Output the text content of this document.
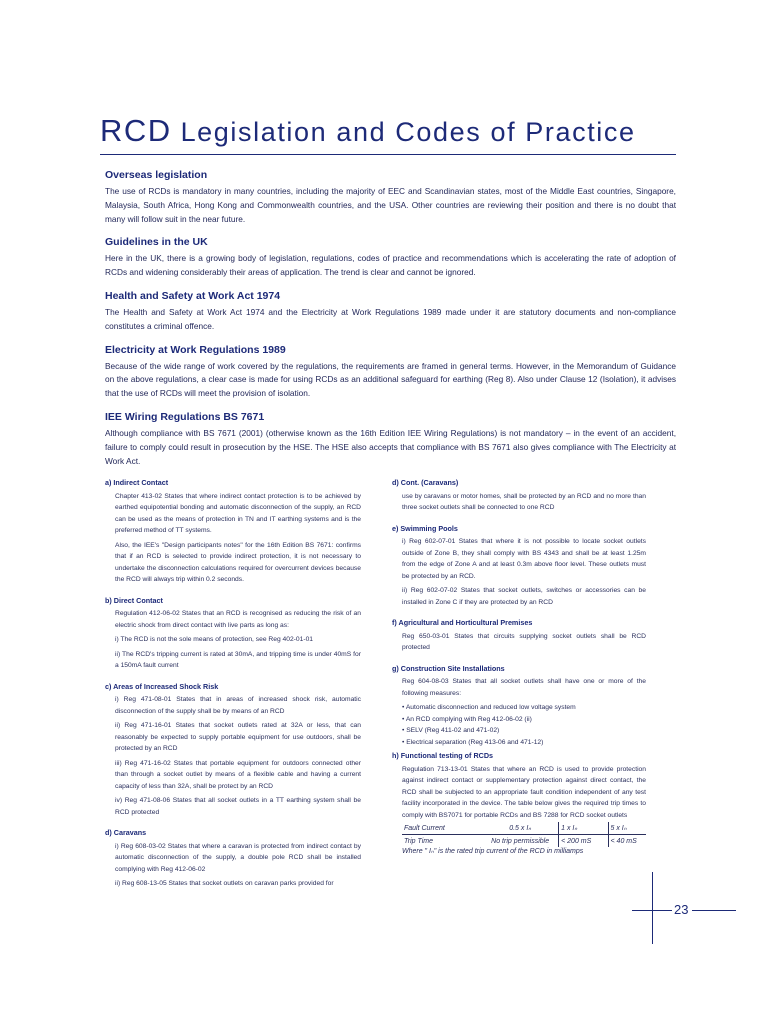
RCD Legislation and Codes of Practice
Overseas legislation

The use of RCDs is mandatory in many countries, including the majority of EEC and Scandinavian states, most of the Middle East countries, Singapore, Malaysia, South Africa, Hong Kong and Commonwealth countries, and the USA. Other countries are reviewing their position and there is no doubt that many will follow suit in the near future.

Guidelines in the UK

Here in the UK, there is a growing body of legislation, regulations, codes of practice and recommendations which is accelerating the rate of adoption of RCDs and widening considerably their areas of application. The trend is clear and cannot be ignored.

Health and Safety at Work Act 1974

The Health and Safety at Work Act 1974 and the Electricity at Work Regulations 1989 made under it are statutory documents and non-compliance constitutes a criminal offence.

Electricity at Work Regulations 1989

Because of the wide range of work covered by the regulations, the requirements are framed in general terms. However, in the Memorandum of Guidance on the above regulations, a clear case is made for using RCDs as an additional safeguard for earthing (Reg 8). Also under Clause 12 (Isolation), it advises that the use of RCDs will meet the provision of isolation.

IEE Wiring Regulations BS 7671

Although compliance with BS 7671 (2001) (otherwise known as the 16th Edition IEE Wiring Regulations) is not mandatory – in the event of an accident, failure to comply could result in prosecution by the HSE. The HSE also accepts that compliance with BS 7671 also gives compliance with The Electricity at Work Act.

a) Indirect Contact
Chapter 413-02 States that where indirect contact protection is to be achieved by earthed equipotential bonding and automatic disconnection of the supply, an RCD can be used as the means of protection in TN and IT earthing systems and is the preferred method of TT systems.
Also, the IEE's "Design participants notes" for the 16th Edition BS 7671: confirms that if an RCD is selected to provide indirect protection, it is not necessary to undertake the disconnection calculations required for overcurrent devices because the RCD will always trip within 0.2 seconds.
b) Direct Contact
Regulation 412-06-02 States that an RCD is recognised as reducing the risk of an electric shock from direct contact with live parts as long as:
i) The RCD is not the sole means of protection, see Reg 402-01-01
ii) The RCD's tripping current is rated at 30mA, and tripping time is under 40mS for a 150mA fault current
c) Areas of Increased Shock Risk
i) Reg 471-08-01 States that in areas of increased shock risk, automatic disconnection of the supply shall be by means of an RCD
ii) Reg 471-16-01 States that socket outlets rated at 32A or less, that can reasonably be expected to supply portable equipment for use outdoors, shall be protected by an RCD
iii) Reg 471-16-02 States that portable equipment for outdoors connected other than through a socket outlet by means of a flexible cable and having a current capacity of less than 32A, shall be protect by an RCD
iv) Reg 471-08-06 States that all socket outlets in a TT earthing system shall be RCD protected
d) Caravans
i) Reg 608-03-02 States that where a caravan is protected from indirect contact by automatic disconnection of the supply, a double pole RCD shall be installed complying with Reg 412-06-02
ii) Reg 608-13-05 States that socket outlets on caravan parks provided for
d) Cont. (Caravans)
use by caravans or motor homes, shall be protected by an RCD and no more than three socket outlets shall be connected to one RCD
e) Swimming Pools
i) Reg 602-07-01 States that where it is not possible to locate socket outlets outside of Zone B, they shall comply with BS 4343 and shall be at least 1.25m from the edge of Zone A and at least 0.3m above floor level. These outlets must be protected by an RCD.
ii) Reg 602-07-02 States that socket outlets, switches or accessories can be installed in Zone C if they are protected by an RCD
f) Agricultural and Horticultural Premises
Reg 650-03-01 States that circuits supplying socket outlets shall be RCD protected
g) Construction Site Installations
Reg 604-08-03 States that all socket outlets shall have one or more of the following measures:
• Automatic disconnection and reduced low voltage system
• An RCD complying with Reg 412-06-02 (ii)
• SELV (Reg 411-02 and 471-02)
• Electrical separation (Reg 413-06 and 471-12)
h) Functional testing of RCDs
Regulation 713-13-01 States that where an RCD is used to provide protection against indirect contact or supplementary protection against direct contact, the RCD shall be subjected to an appropriate fault condition independent of any test facility incorporated in the device. The table below gives the required trip times to comply with BS7071 for portable RCDs and BS 7288 for RCD socket outlets
Fault Current	0.5 x Iₙ	1 x Iₙ	5 x Iₙ
Trip Time	No trip permissible	< 200 mS	< 40 mS
Where " Iₙ" is the rated trip current of the RCD in milliamps
23
